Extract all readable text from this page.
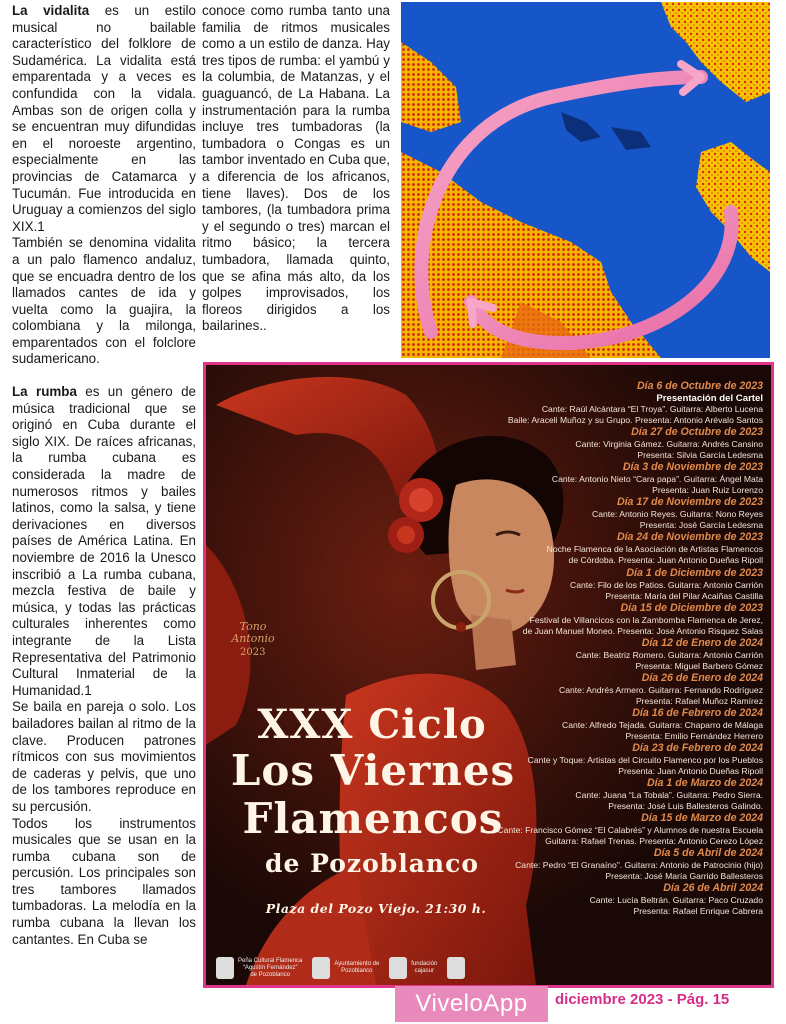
La vidalita es un estilo musical no bailable característico del folklore de Sudamérica. La vidalita está emparentada y a veces es confundida con la vidala. Ambas son de origen colla y se encuentran muy difundidas en el noroeste argentino, especialmente en las provincias de Catamarca y Tucumán. Fue introducida en Uruguay a comienzos del siglo XIX.1

También se denomina vidalita a un palo flamenco andaluz, que se encuadra dentro de los llamados cantes de ida y vuelta como la guajira, la colombiana y la milonga, emparentados con el folclore sudamericano.

La rumba es un género de música tradicional que se originó en Cuba durante el siglo XIX. De raíces africanas, la rumba cubana es considerada la madre de numerosos ritmos y bailes latinos, como la salsa, y tiene derivaciones en diversos países de América Latina. En noviembre de 2016 la Unesco inscribió a La rumba cubana, mezcla festiva de baile y música, y todas las prácticas culturales inherentes como integrante de la Lista Representativa del Patrimonio Cultural Inmaterial de la Humanidad.1

Se baila en pareja o solo. Los bailadores bailan al ritmo de la clave. Producen patrones rítmicos con sus movimientos de caderas y pelvis, que uno de los tambores reproduce en su percusión.

Todos los instrumentos musicales que se usan en la rumba cubana son de percusión. Los principales son tres tambores llamados tumbadoras. La melodía en la rumba cubana la llevan los cantantes. En Cuba se

conoce como rumba tanto una familia de ritmos musicales como a un estilo de danza. Hay tres tipos de rumba: el yambú y la columbia, de Matanzas, y el guaguancó, de La Habana. La instrumentación para la rumba incluye tres tumbadoras (la tumbadora o Congas es un tambor inventado en Cuba que, a diferencia de los africanos, tiene llaves). Dos de los tambores, (la tumbadora prima y el segundo o tres) marcan el ritmo básico; la tercera tumbadora, llamada quinto, que se afina más alto, da los golpes improvisados, los floreos dirigidos a los bailarines..

Tono Antonio
2023
XXX Ciclo
Los Viernes
Flamencos
de Pozoblanco
Plaza del Pozo Viejo. 21:30 h.
Día 6 de Octubre de 2023
Presentación del Cartel
Cante: Raúl Alcántara “El Troya”. Guitarra: Alberto Lucena
Baile: Araceli Muñoz y su Grupo. Presenta: Antonio Arévalo Santos
Día 27 de Octubre de 2023
Cante: Virginia Gámez. Guitarra: Andrés Cansino
Presenta: Silvia García Ledesma
Día 3 de Noviembre de 2023
Cante: Antonio Nieto “Cara papa”. Guitarra: Ángel Mata
Presenta: Juan Ruiz Lorenzo
Día 17 de Noviembre de 2023
Cante: Antonio Reyes. Guitarra: Nono Reyes
Presenta: José García Ledesma
Día 24 de Noviembre de 2023
Noche Flamenca de la Asociación de Artistas Flamencos
de Córdoba. Presenta: Juan Antonio Dueñas Ripoll
Día 1 de Diciembre de 2023
Cante: Filo de los Patios. Guitarra: Antonio Carrión
Presenta: María del Pilar Acaiñas Castilla
Día 15 de Diciembre de 2023
Festival de Villancicos con la Zambomba Flamenca de Jerez,
de Juan Manuel Moneo. Presenta: José Antonio Risquez Salas
Día 12 de Enero de 2024
Cante: Beatriz Romero. Guitarra: Antonio Carrión
Presenta: Miguel Barbero Gómez
Día 26 de Enero de 2024
Cante: Andrés Armero. Guitarra: Fernando Rodríguez
Presenta: Rafael Muñoz Ramírez
Día 16 de Febrero de 2024
Cante: Alfredo Tejada. Guitarra: Chaparro de Málaga
Presenta: Emilio Fernández Herrero
Día 23 de Febrero de 2024
Cante y Toque: Artistas del Circuito Flamenco por los Pueblos
Presenta: Juan Antonio Dueñas Ripoll
Día 1 de Marzo de 2024
Cante: Juana “La Tobala”. Guitarra: Pedro Sierra.
Presenta: José Luis Ballesteros Galindo.
Día 15 de Marzo de 2024
Cante: Francisco Gómez “El Calabrés” y Alumnos de nuestra Escuela
Guitarra: Rafael Trenas. Presenta: Antonio Cerezo López
Día 5 de Abril de 2024
Cante: Pedro “El Granaíno”. Guitarra: Antonio de Patrocinio (hijo)
Presenta: José María Garrido Ballesteros
Día 26 de Abril 2024
Cante: Lucía Beltrán. Guitarra: Paco Cruzado
Presenta: Rafael Enrique Cabrera
Peña Cultural Flamenca
“Agustín Fernández”
de Pozoblanco
Ayuntamiento de
Pozoblanco
fundación
cajasur
ViveloApp	diciembre 2023 - Pág. 15
